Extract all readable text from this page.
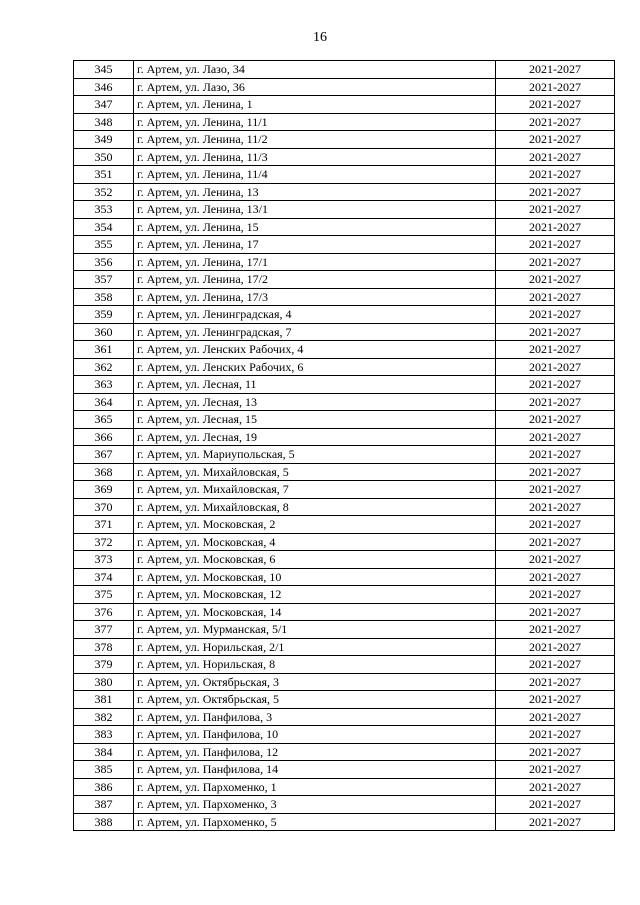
16
345	г. Артем, ул. Лазо, 34	2021-2027
346	г. Артем, ул. Лазо, 36	2021-2027
347	г. Артем, ул. Ленина, 1	2021-2027
348	г. Артем, ул. Ленина, 11/1	2021-2027
349	г. Артем, ул. Ленина, 11/2	2021-2027
350	г. Артем, ул. Ленина, 11/3	2021-2027
351	г. Артем, ул. Ленина, 11/4	2021-2027
352	г. Артем, ул. Ленина, 13	2021-2027
353	г. Артем, ул. Ленина, 13/1	2021-2027
354	г. Артем, ул. Ленина, 15	2021-2027
355	г. Артем, ул. Ленина, 17	2021-2027
356	г. Артем, ул. Ленина, 17/1	2021-2027
357	г. Артем, ул. Ленина, 17/2	2021-2027
358	г. Артем, ул. Ленина, 17/3	2021-2027
359	г. Артем, ул. Ленинградская, 4	2021-2027
360	г. Артем, ул. Ленинградская, 7	2021-2027
361	г. Артем, ул. Ленских Рабочих, 4	2021-2027
362	г. Артем, ул. Ленских Рабочих, 6	2021-2027
363	г. Артем, ул. Лесная, 11	2021-2027
364	г. Артем, ул. Лесная, 13	2021-2027
365	г. Артем, ул. Лесная, 15	2021-2027
366	г. Артем, ул. Лесная, 19	2021-2027
367	г. Артем, ул. Мариупольская, 5	2021-2027
368	г. Артем, ул. Михайловская, 5	2021-2027
369	г. Артем, ул. Михайловская, 7	2021-2027
370	г. Артем, ул. Михайловская, 8	2021-2027
371	г. Артем, ул. Московская, 2	2021-2027
372	г. Артем, ул. Московская, 4	2021-2027
373	г. Артем, ул. Московская, 6	2021-2027
374	г. Артем, ул. Московская, 10	2021-2027
375	г. Артем, ул. Московская, 12	2021-2027
376	г. Артем, ул. Московская, 14	2021-2027
377	г. Артем, ул. Мурманская, 5/1	2021-2027
378	г. Артем, ул. Норильская, 2/1	2021-2027
379	г. Артем, ул. Норильская, 8	2021-2027
380	г. Артем, ул. Октябрьская, 3	2021-2027
381	г. Артем, ул. Октябрьская, 5	2021-2027
382	г. Артем, ул. Панфилова, 3	2021-2027
383	г. Артем, ул. Панфилова, 10	2021-2027
384	г. Артем, ул. Панфилова, 12	2021-2027
385	г. Артем, ул. Панфилова, 14	2021-2027
386	г. Артем, ул. Пархоменко, 1	2021-2027
387	г. Артем, ул. Пархоменко, 3	2021-2027
388	г. Артем, ул. Пархоменко, 5	2021-2027
